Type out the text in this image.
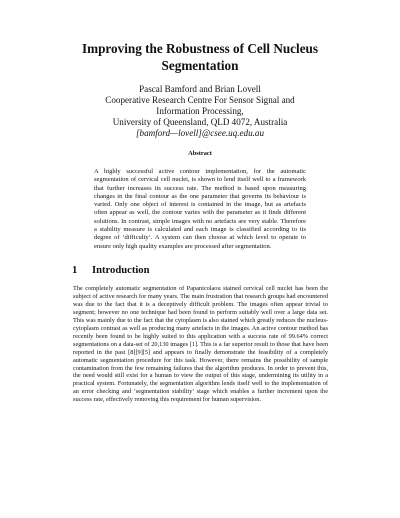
Improving the Robustness of Cell Nucleus
Segmentation
Pascal Bamford and Brian Lovell
Cooperative Research Centre For Sensor Signal and
Information Processing,
University of Queensland, QLD 4072, Australia
[bamford—lovell]@csee.uq.edu.au
Abstract
A highly successful active contour implementation, for the automatic segmentation of cervical cell nuclei, is shown to lend itself well to a framework that further increases its success rate. The method is based upon measuring changes in the final contour as the one parameter that governs its behaviour is varied. Only one object of interest is contained in the image, but as artefacts often appear as well, the contour varies with the parameter as it finds different solutions. In contrast, simple images with no artefacts are very stable. Therefore a stability measure is calculated and each image is classified according to its degree of ‘difficulty’. A system can then choose at which level to operate to ensure only high quality examples are processed after segmentation.
1 Introduction
The completely automatic segmentation of Papanicolaou stained cervical cell nuclei has been the subject of active research for many years. The main frustration that research groups had encountered was due to the fact that it is a deceptively difficult problem. The images often appear trivial to segment; however no one technique had been found to perform suitably well over a large data set. This was mainly due to the fact that the cytoplasm is also stained which greatly reduces the nucleus-cytoplasm contrast as well as producing many artefacts in the images. An active contour method has recently been found to be highly suited to this application with a success rate of 99.64% correct segmentations on a data-set of 20,130 images [1]. This is a far superior result to those that have been reported in the past [8][9][5] and appears to finally demonstrate the feasibility of a completely automatic segmentation procedure for this task. However, there remains the possibility of sample contamination from the few remaining failures that the algorithm produces. In order to prevent this, the need would still exist for a human to view the output of this stage, undermining its utility in a practical system. Fortunately, the segmentation algorithm lends itself well to the implementation of an error checking and ‘segmentation stability’ stage which enables a further increment upon the success rate, effectively removing this requirement for human supervision.
